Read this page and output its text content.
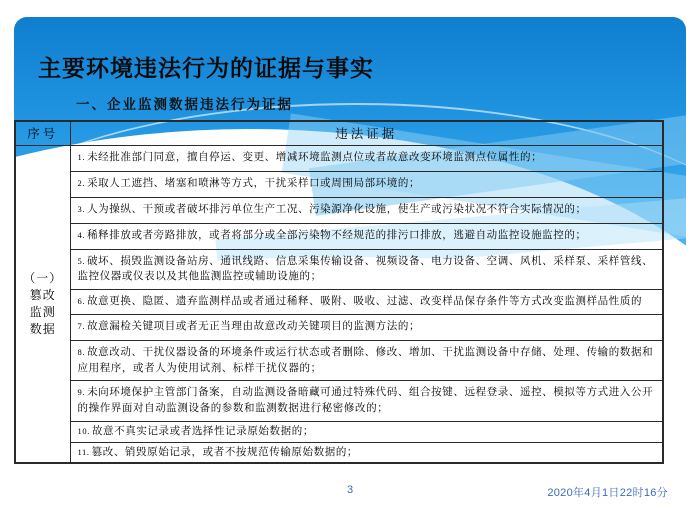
主要环境违法行为的证据与事实
一、企业监测数据违法行为证据
序号	违法证据

（一）
篡改
监测
数据	1. 未经批准部门同意，擅自停运、变更、增减环境监测点位或者故意改变环境监测点位属性的；
	2. 采取人工遮挡、堵塞和喷淋等方式，干扰采样口或周围局部环境的；
	3. 人为操纵、干预或者破坏排污单位生产工况、污染源净化设施，使生产或污染状况不符合实际情况的；
	4. 稀释排放或者旁路排放，或者将部分或全部污染物不经规范的排污口排放，逃避自动监控设施监控的；
	5. 破坏、损毁监测设备站房、通讯线路、信息采集传输设备、视频设备、电力设备、空调、风机、采样泵、采样管线、监控仪器或仪表以及其他监测监控或辅助设施的；
	6. 故意更换、隐匿、遗弃监测样品或者通过稀释、吸附、吸收、过滤、改变样品保存条件等方式改变监测样品性质的
	7. 故意漏检关键项目或者无正当理由故意改动关键项目的监测方法的；
	8. 故意改动、干扰仪器设备的环境条件或运行状态或者删除、修改、增加、干扰监测设备中存储、处理、传输的数据和应用程序，或者人为使用试剂、标样干扰仪器的；
	9. 未向环境保护主管部门备案，自动监测设备暗藏可通过特殊代码、组合按键、远程登录、遥控、模拟等方式进入公开的操作界面对自动监测设备的参数和监测数据进行秘密修改的；
	10. 故意不真实记录或者选择性记录原始数据的；
	11. 篡改、销毁原始记录，或者不按规范传输原始数据的；
3	2020年4月1日22时16分
